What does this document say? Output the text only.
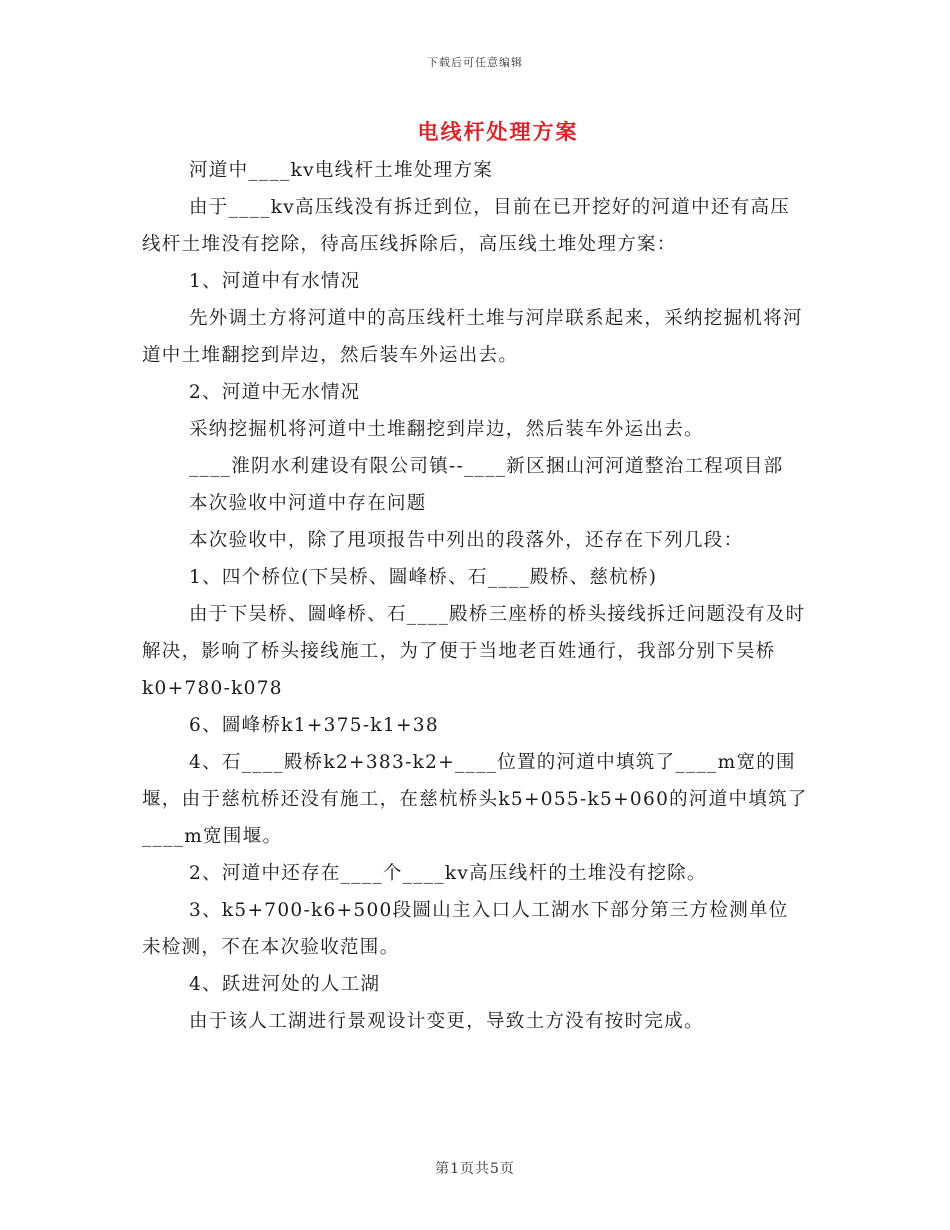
下载后可任意编辑
电线杆处理方案

河道中____kv电线杆土堆处理方案

由于____kv高压线没有拆迁到位，目前在已开挖好的河道中还有高压线杆土堆没有挖除，待高压线拆除后，高压线土堆处理方案：

1、河道中有水情况

先外调土方将河道中的高压线杆土堆与河岸联系起来，采纳挖掘机将河道中土堆翻挖到岸边，然后装车外运出去。

2、河道中无水情况

采纳挖掘机将河道中土堆翻挖到岸边，然后装车外运出去。

____淮阴水利建设有限公司镇--____新区捆山河河道整治工程项目部

本次验收中河道中存在问题

本次验收中，除了甩项报告中列出的段落外，还存在下列几段：

1、四个桥位(下吴桥、圌峰桥、石____殿桥、慈杭桥)

由于下吴桥、圌峰桥、石____殿桥三座桥的桥头接线拆迁问题没有及时解决，影响了桥头接线施工，为了便于当地老百姓通行，我部分别下吴桥k0+780-k078

6、圌峰桥k1+375-k1+38

4、石____殿桥k2+383-k2+____位置的河道中填筑了____m宽的围堰，由于慈杭桥还没有施工，在慈杭桥头k5+055-k5+060的河道中填筑了____m宽围堰。

2、河道中还存在____个____kv高压线杆的土堆没有挖除。

3、k5+700-k6+500段圌山主入口人工湖水下部分第三方检测单位未检测，不在本次验收范围。

4、跃进河处的人工湖

由于该人工湖进行景观设计变更，导致土方没有按时完成。

第1页共5页
